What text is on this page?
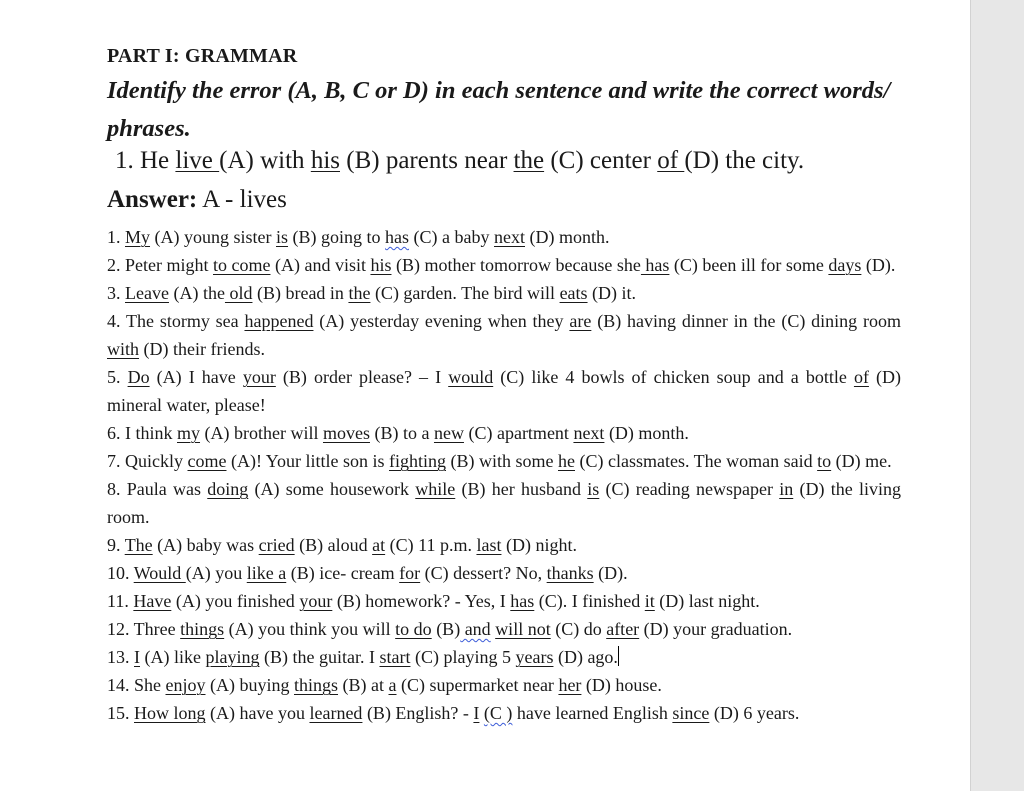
PART I: GRAMMAR
Identify the error (A, B, C or D) in each sentence and write the correct words/ phrases.
1. He live (A) with his (B) parents near the (C) center of (D) the city.
Answer: A - lives

1. My (A) young sister is (B) going to has (C) a baby next (D) month.

2. Peter might to come (A) and visit his (B) mother tomorrow because she has (C) been ill for some days (D).

3. Leave (A) the old (B) bread in the (C) garden. The bird will eats (D) it.

4. The stormy sea happened (A) yesterday evening when they are (B) having dinner in the (C) dining room with (D) their friends.

5. Do (A) I have your (B) order please? – I would (C) like 4 bowls of chicken soup and a bottle of (D) mineral water, please!

6. I think my (A) brother will moves (B) to a new (C) apartment next (D) month.

7. Quickly come (A)! Your little son is fighting (B) with some he (C) classmates. The woman said to (D) me.

8. Paula was doing (A) some housework while (B) her husband is (C) reading newspaper in (D) the living room.

9. The (A) baby was cried (B) aloud at (C) 11 p.m. last (D) night.

10. Would (A) you like a (B) ice- cream for (C) dessert? No, thanks (D).

11. Have (A) you finished your (B) homework? - Yes, I has (C). I finished it (D) last night.

12. Three things (A) you think you will to do (B) and will not (C) do after (D) your graduation.

13. I (A) like playing (B) the guitar. I start (C) playing 5 years (D) ago.

14. She enjoy (A) buying things (B) at a (C) supermarket near her (D) house.

15. How long (A) have you learned (B) English? - I (C ) have learned English since (D) 6 years.
